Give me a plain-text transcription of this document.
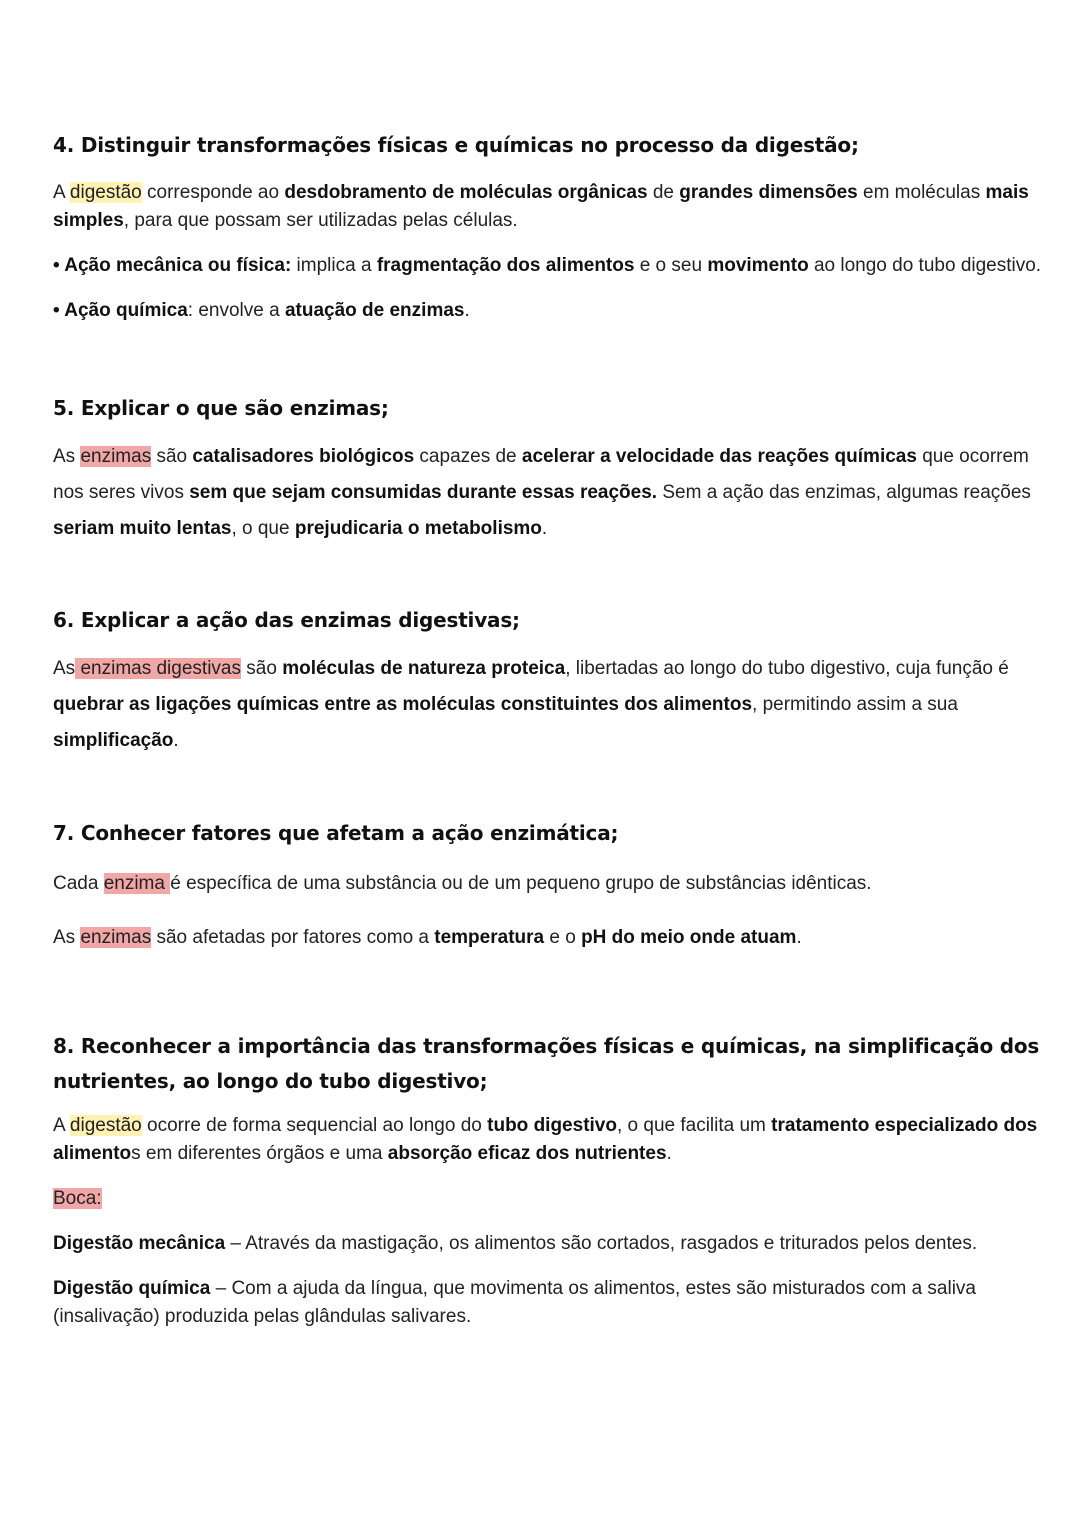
4. Distinguir transformações físicas e químicas no processo da digestão;

A digestão corresponde ao desdobramento de moléculas orgânicas de grandes dimensões em moléculas mais simples, para que possam ser utilizadas pelas células.

• Ação mecânica ou física: implica a fragmentação dos alimentos e o seu movimento ao longo do tubo digestivo.

• Ação química: envolve a atuação de enzimas.

5. Explicar o que são enzimas;

As enzimas são catalisadores biológicos capazes de acelerar a velocidade das reações químicas que ocorrem nos seres vivos sem que sejam consumidas durante essas reações. Sem a ação das enzimas, algumas reações seriam muito lentas, o que prejudicaria o metabolismo.

6. Explicar a ação das enzimas digestivas;

As enzimas digestivas são moléculas de natureza proteica, libertadas ao longo do tubo digestivo, cuja função é quebrar as ligações químicas entre as moléculas constituintes dos alimentos, permitindo assim a sua simplificação.

7. Conhecer fatores que afetam a ação enzimática;

Cada enzima é específica de uma substância ou de um pequeno grupo de substâncias idênticas.

As enzimas são afetadas por fatores como a temperatura e o pH do meio onde atuam.

8. Reconhecer a importância das transformações físicas e químicas, na simplificação dos nutrientes, ao longo do tubo digestivo;

A digestão ocorre de forma sequencial ao longo do tubo digestivo, o que facilita um tratamento especializado dos alimentos em diferentes órgãos e uma absorção eficaz dos nutrientes.

Boca:

Digestão mecânica – Através da mastigação, os alimentos são cortados, rasgados e triturados pelos dentes.

Digestão química – Com a ajuda da língua, que movimenta os alimentos, estes são misturados com a saliva (insalivação) produzida pelas glândulas salivares.
